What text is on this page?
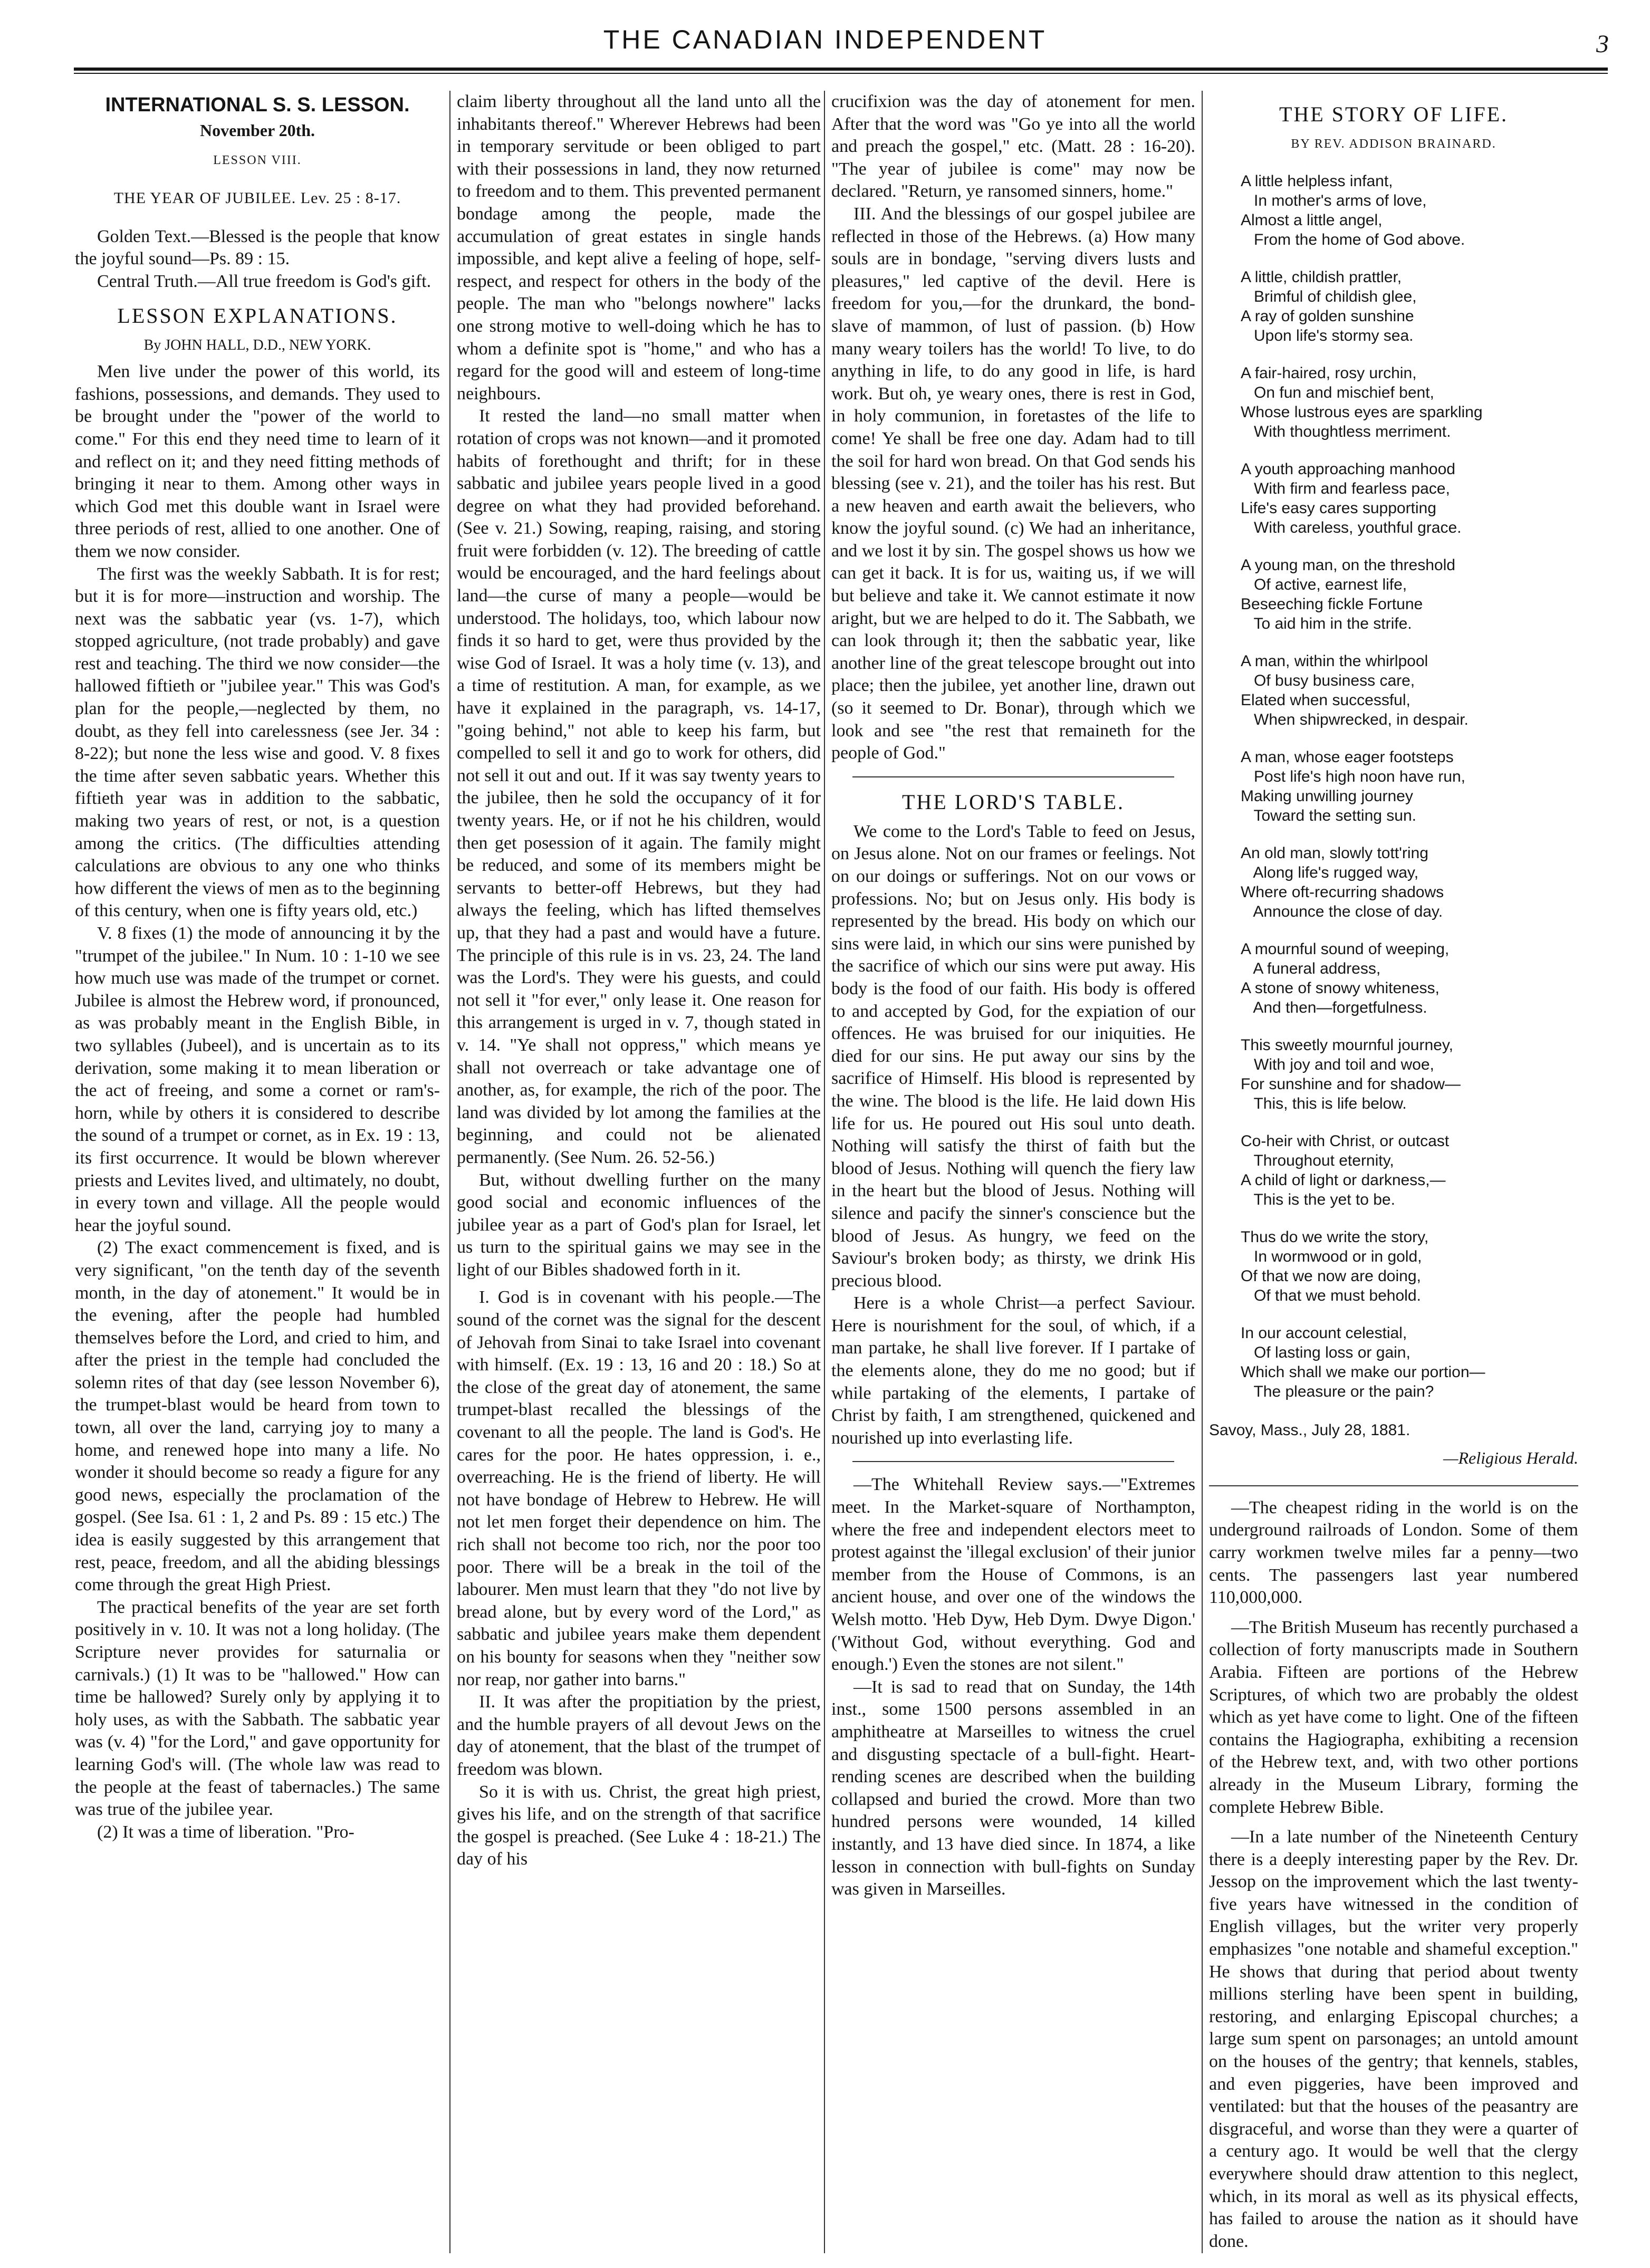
THE CANADIAN INDEPENDENT	3

INTERNATIONAL S. S. LESSON.

November 20th.

LESSON VIII.

THE YEAR OF JUBILEE. Lev. 25 : 8-17.

Golden Text.—Blessed is the people that know the joyful sound—Ps. 89 : 15.

Central Truth.—All true freedom is God's gift.

LESSON EXPLANATIONS.

By JOHN HALL, D.D., NEW YORK.

Men live under the power of this world, its fashions, possessions, and demands. They used to be brought under the "power of the world to come." For this end they need time to learn of it and reflect on it; and they need fitting methods of bringing it near to them. Among other ways in which God met this double want in Israel were three periods of rest, allied to one another. One of them we now consider.

The first was the weekly Sabbath. It is for rest; but it is for more—instruction and worship. The next was the sabbatic year (vs. 1-7), which stopped agriculture, (not trade probably) and gave rest and teaching. The third we now consider—the hallowed fiftieth or "jubilee year." This was God's plan for the people,—neglected by them, no doubt, as they fell into carelessness (see Jer. 34 : 8-22); but none the less wise and good. V. 8 fixes the time after seven sabbatic years. Whether this fiftieth year was in addition to the sabbatic, making two years of rest, or not, is a question among the critics. (The difficulties attending calculations are obvious to any one who thinks how different the views of men as to the beginning of this century, when one is fifty years old, etc.)

V. 8 fixes (1) the mode of announcing it by the "trumpet of the jubilee." In Num. 10 : 1-10 we see how much use was made of the trumpet or cornet. Jubilee is almost the Hebrew word, if pronounced, as was probably meant in the English Bible, in two syllables (Jubeel), and is uncertain as to its derivation, some making it to mean liberation or the act of freeing, and some a cornet or ram's-horn, while by others it is considered to describe the sound of a trumpet or cornet, as in Ex. 19 : 13, its first occurrence. It would be blown wherever priests and Levites lived, and ultimately, no doubt, in every town and village. All the people would hear the joyful sound.

(2) The exact commencement is fixed, and is very significant, "on the tenth day of the seventh month, in the day of atonement." It would be in the evening, after the people had humbled themselves before the Lord, and cried to him, and after the priest in the temple had concluded the solemn rites of that day (see lesson November 6), the trumpet-blast would be heard from town to town, all over the land, carrying joy to many a home, and renewed hope into many a life. No wonder it should become so ready a figure for any good news, especially the proclamation of the gospel. (See Isa. 61 : 1, 2 and Ps. 89 : 15 etc.) The idea is easily suggested by this arrangement that rest, peace, freedom, and all the abiding blessings come through the great High Priest.

The practical benefits of the year are set forth positively in v. 10. It was not a long holiday. (The Scripture never provides for saturnalia or carnivals.) (1) It was to be "hallowed." How can time be hallowed? Surely only by applying it to holy uses, as with the Sabbath. The sabbatic year was (v. 4) "for the Lord," and gave opportunity for learning God's will. (The whole law was read to the people at the feast of tabernacles.) The same was true of the jubilee year.

(2) It was a time of liberation. "Pro-

claim liberty throughout all the land unto all the inhabitants thereof." Wherever Hebrews had been in temporary servitude or been obliged to part with their possessions in land, they now returned to freedom and to them. This prevented permanent bondage among the people, made the accumulation of great estates in single hands impossible, and kept alive a feeling of hope, self-respect, and respect for others in the body of the people. The man who "belongs nowhere" lacks one strong motive to well-doing which he has to whom a definite spot is "home," and who has a regard for the good will and esteem of long-time neighbours.

It rested the land—no small matter when rotation of crops was not known—and it promoted habits of forethought and thrift; for in these sabbatic and jubilee years people lived in a good degree on what they had provided beforehand. (See v. 21.) Sowing, reaping, raising, and storing fruit were forbidden (v. 12). The breeding of cattle would be encouraged, and the hard feelings about land—the curse of many a people—would be understood. The holidays, too, which labour now finds it so hard to get, were thus provided by the wise God of Israel. It was a holy time (v. 13), and a time of restitution. A man, for example, as we have it explained in the paragraph, vs. 14-17, "going behind," not able to keep his farm, but compelled to sell it and go to work for others, did not sell it out and out. If it was say twenty years to the jubilee, then he sold the occupancy of it for twenty years. He, or if not he his children, would then get posession of it again. The family might be reduced, and some of its members might be servants to better-off Hebrews, but they had always the feeling, which has lifted themselves up, that they had a past and would have a future. The principle of this rule is in vs. 23, 24. The land was the Lord's. They were his guests, and could not sell it "for ever," only lease it. One reason for this arrangement is urged in v. 7, though stated in v. 14. "Ye shall not oppress," which means ye shall not overreach or take advantage one of another, as, for example, the rich of the poor. The land was divided by lot among the families at the beginning, and could not be alienated permanently. (See Num. 26. 52-56.)

But, without dwelling further on the many good social and economic influences of the jubilee year as a part of God's plan for Israel, let us turn to the spiritual gains we may see in the light of our Bibles shadowed forth in it.

I. God is in covenant with his people.—The sound of the cornet was the signal for the descent of Jehovah from Sinai to take Israel into covenant with himself. (Ex. 19 : 13, 16 and 20 : 18.) So at the close of the great day of atonement, the same trumpet-blast recalled the blessings of the covenant to all the people. The land is God's. He cares for the poor. He hates oppression, i. e., overreaching. He is the friend of liberty. He will not have bondage of Hebrew to Hebrew. He will not let men forget their dependence on him. The rich shall not become too rich, nor the poor too poor. There will be a break in the toil of the labourer. Men must learn that they "do not live by bread alone, but by every word of the Lord," as sabbatic and jubilee years make them dependent on his bounty for seasons when they "neither sow nor reap, nor gather into barns."

II. It was after the propitiation by the priest, and the humble prayers of all devout Jews on the day of atonement, that the blast of the trumpet of freedom was blown.

So it is with us. Christ, the great high priest, gives his life, and on the strength of that sacrifice the gospel is preached. (See Luke 4 : 18-21.) The day of his

crucifixion was the day of atonement for men. After that the word was "Go ye into all the world and preach the gospel," etc. (Matt. 28 : 16-20). "The year of jubilee is come" may now be declared. "Return, ye ransomed sinners, home."

III. And the blessings of our gospel jubilee are reflected in those of the Hebrews. (a) How many souls are in bondage, "serving divers lusts and pleasures," led captive of the devil. Here is freedom for you,—for the drunkard, the bond-slave of mammon, of lust of passion. (b) How many weary toilers has the world! To live, to do anything in life, to do any good in life, is hard work. But oh, ye weary ones, there is rest in God, in holy communion, in foretastes of the life to come! Ye shall be free one day. Adam had to till the soil for hard won bread. On that God sends his blessing (see v. 21), and the toiler has his rest. But a new heaven and earth await the believers, who know the joyful sound. (c) We had an inheritance, and we lost it by sin. The gospel shows us how we can get it back. It is for us, waiting us, if we will but believe and take it. We cannot estimate it now aright, but we are helped to do it. The Sabbath, we can look through it; then the sabbatic year, like another line of the great telescope brought out into place; then the jubilee, yet another line, drawn out (so it seemed to Dr. Bonar), through which we look and see "the rest that remaineth for the people of God."

THE LORD'S TABLE.

We come to the Lord's Table to feed on Jesus, on Jesus alone. Not on our frames or feelings. Not on our doings or sufferings. Not on our vows or professions. No; but on Jesus only. His body is represented by the bread. His body on which our sins were laid, in which our sins were punished by the sacrifice of which our sins were put away. His body is the food of our faith. His body is offered to and accepted by God, for the expiation of our offences. He was bruised for our iniquities. He died for our sins. He put away our sins by the sacrifice of Himself. His blood is represented by the wine. The blood is the life. He laid down His life for us. He poured out His soul unto death. Nothing will satisfy the thirst of faith but the blood of Jesus. Nothing will quench the fiery law in the heart but the blood of Jesus. Nothing will silence and pacify the sinner's conscience but the blood of Jesus. As hungry, we feed on the Saviour's broken body; as thirsty, we drink His precious blood.

Here is a whole Christ—a perfect Saviour. Here is nourishment for the soul, of which, if a man partake, he shall live forever. If I partake of the elements alone, they do me no good; but if while partaking of the elements, I partake of Christ by faith, I am strengthened, quickened and nourished up into everlasting life.

—The Whitehall Review says.—"Extremes meet. In the Market-square of Northampton, where the free and independent electors meet to protest against the 'illegal exclusion' of their junior member from the House of Commons, is an ancient house, and over one of the windows the Welsh motto. 'Heb Dyw, Heb Dym. Dwye Digon.' ('Without God, without everything. God and enough.') Even the stones are not silent."

—It is sad to read that on Sunday, the 14th inst., some 1500 persons assembled in an amphitheatre at Marseilles to witness the cruel and disgusting spectacle of a bull-fight. Heart-rending scenes are described when the building collapsed and buried the crowd. More than two hundred persons were wounded, 14 killed instantly, and 13 have died since. In 1874, a like lesson in connection with bull-fights on Sunday was given in Marseilles.

THE STORY OF LIFE.

BY REV. ADDISON BRAINARD.

A little helpless infant,
In mother's arms of love,
Almost a little angel,
From the home of God above.
A little, childish prattler,
Brimful of childish glee,
A ray of golden sunshine
Upon life's stormy sea.
A fair-haired, rosy urchin,
On fun and mischief bent,
Whose lustrous eyes are sparkling
With thoughtless merriment.
A youth approaching manhood
With firm and fearless pace,
Life's easy cares supporting
With careless, youthful grace.
A young man, on the threshold
Of active, earnest life,
Beseeching fickle Fortune
To aid him in the strife.
A man, within the whirlpool
Of busy business care,
Elated when successful,
When shipwrecked, in despair.
A man, whose eager footsteps
Post life's high noon have run,
Making unwilling journey
Toward the setting sun.
An old man, slowly tott'ring
Along life's rugged way,
Where oft-recurring shadows
Announce the close of day.
A mournful sound of weeping,
A funeral address,
A stone of snowy whiteness,
And then—forgetfulness.
This sweetly mournful journey,
With joy and toil and woe,
For sunshine and for shadow—
This, this is life below.
Co-heir with Christ, or outcast
Throughout eternity,
A child of light or darkness,—
This is the yet to be.
Thus do we write the story,
In wormwood or in gold,
Of that we now are doing,
Of that we must behold.
In our account celestial,
Of lasting loss or gain,
Which shall we make our portion—
The pleasure or the pain?

Savoy, Mass., July 28, 1881.

—Religious Herald.

—The cheapest riding in the world is on the underground railroads of London. Some of them carry workmen twelve miles far a penny—two cents. The passengers last year numbered 110,000,000.

—The British Museum has recently purchased a collection of forty manuscripts made in Southern Arabia. Fifteen are portions of the Hebrew Scriptures, of which two are probably the oldest which as yet have come to light. One of the fifteen contains the Hagiographa, exhibiting a recension of the Hebrew text, and, with two other portions already in the Museum Library, forming the complete Hebrew Bible.

—In a late number of the Nineteenth Century there is a deeply interesting paper by the Rev. Dr. Jessop on the improvement which the last twenty-five years have witnessed in the condition of English villages, but the writer very properly emphasizes "one notable and shameful exception." He shows that during that period about twenty millions sterling have been spent in building, restoring, and enlarging Episcopal churches; a large sum spent on parsonages; an untold amount on the houses of the gentry; that kennels, stables, and even piggeries, have been improved and ventilated: but that the houses of the peasantry are disgraceful, and worse than they were a quarter of a century ago. It would be well that the clergy everywhere should draw attention to this neglect, which, in its moral as well as its physical effects, has failed to arouse the nation as it should have done.
